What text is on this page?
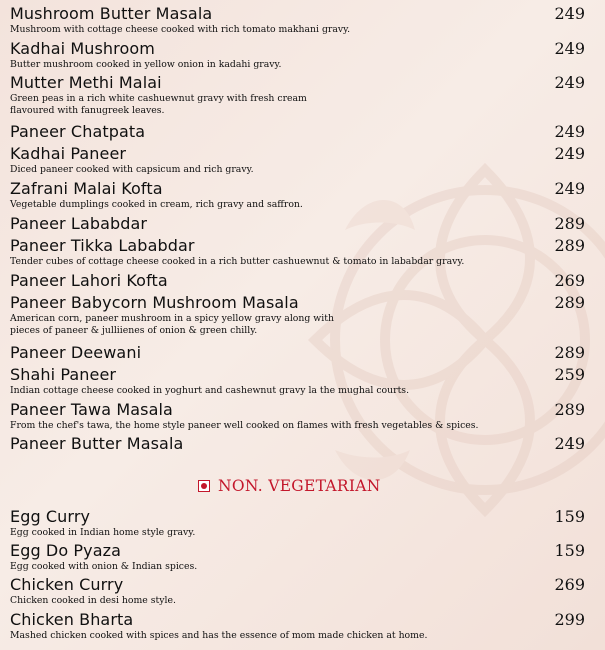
Mushroom Butter Masala	249
Mushroom with cottage cheese cooked with rich tomato makhani gravy.
Kadhai Mushroom	249
Butter mushroom cooked in yellow onion in kadahi gravy.
Mutter Methi Malai	249
Green peas in a rich white cashuewnut gravy with fresh cream
flavoured with fanugreek leaves.
Paneer Chatpata	249
Kadhai Paneer	249
Diced paneer cooked with capsicum and rich gravy.
Zafrani Malai Kofta	249
Vegetable dumplings cooked in cream, rich gravy and saffron.
Paneer Lababdar	289
Paneer Tikka Lababdar	289
Tender cubes of cottage cheese cooked in a rich butter cashuewnut & tomato in lababdar gravy.
Paneer Lahori Kofta	269
Paneer Babycorn Mushroom Masala	289
American corn, paneer mushroom in a spicy yellow gravy along with
pieces of paneer & julliienes of onion & green chilly.
Paneer Deewani	289
Shahi Paneer	259
Indian cottage cheese cooked in yoghurt and cashewnut gravy la the mughal courts.
Paneer Tawa Masala	289
From the chef's tawa, the home style paneer well cooked on flames with fresh vegetables & spices.
Paneer Butter Masala	249
NON. VEGETARIAN
Egg Curry	159
Egg cooked in Indian home style gravy.
Egg Do Pyaza	159
Egg cooked with onion & Indian spices.
Chicken Curry	269
Chicken cooked in desi home style.
Chicken Bharta	299
Mashed chicken cooked with spices and has the essence of mom made chicken at home.
